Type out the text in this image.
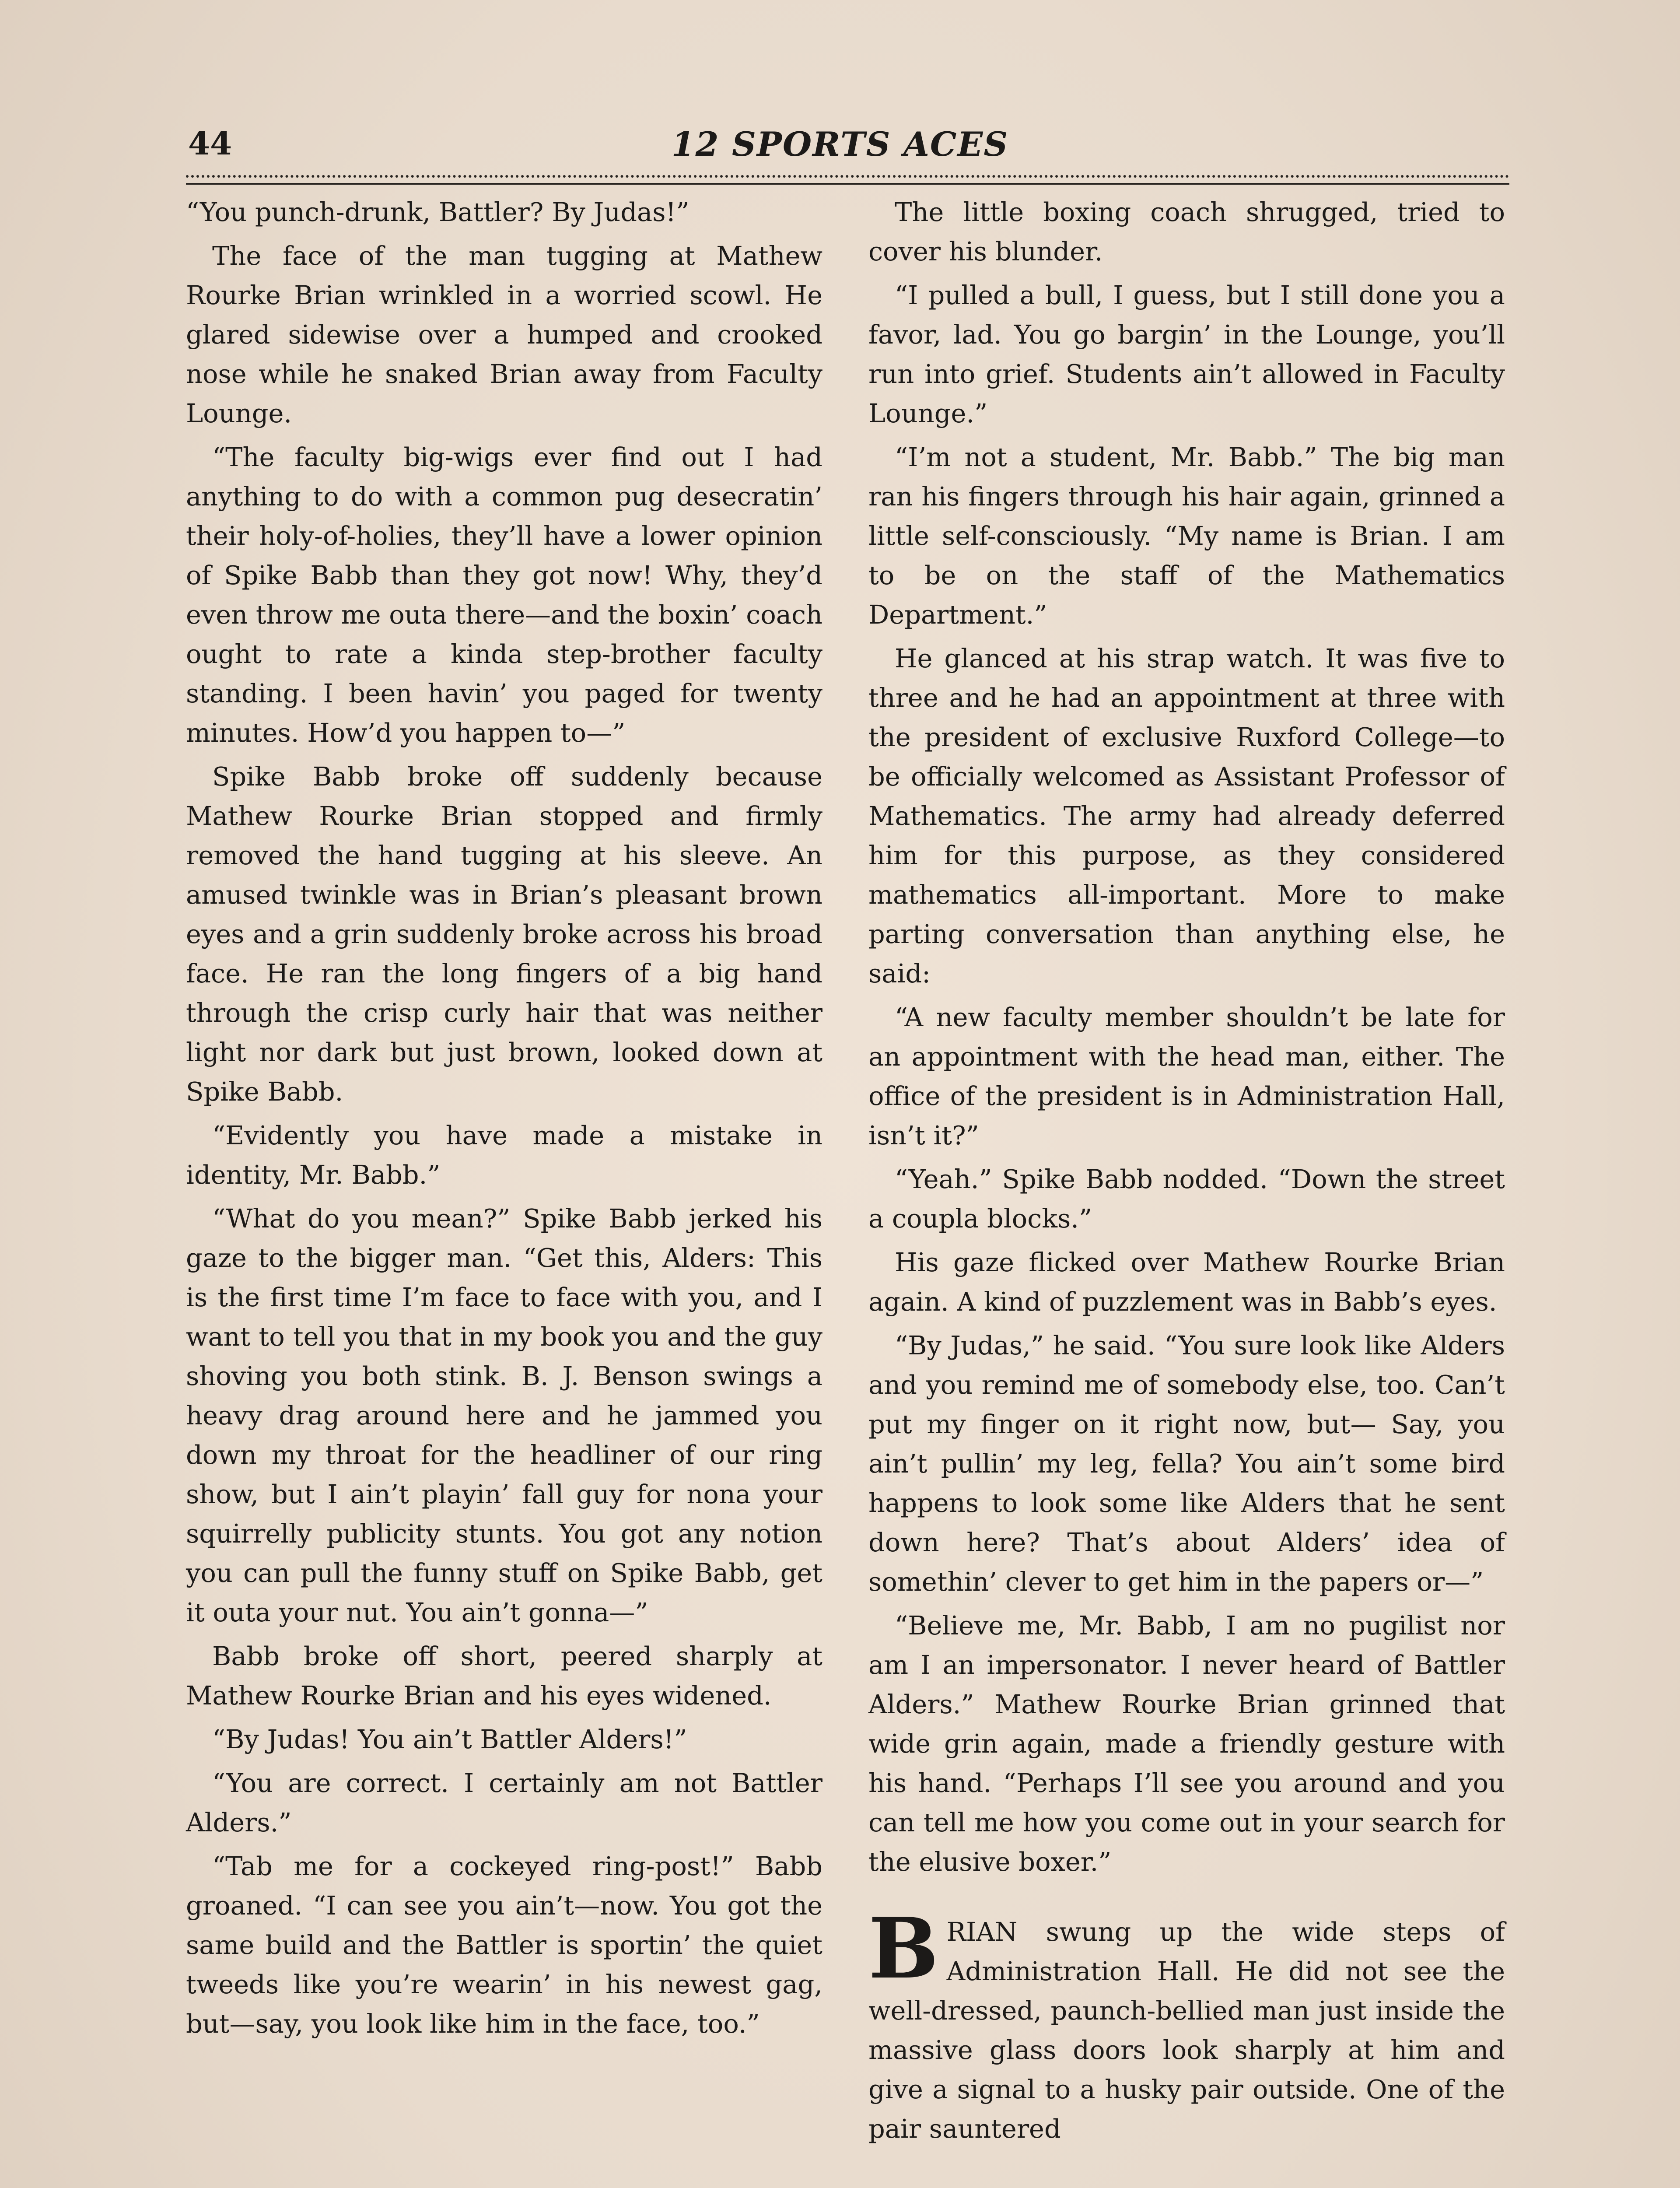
44	12 SPORTS ACES

“You punch-drunk, Battler? By Judas!”

The face of the man tugging at Mathew Rourke Brian wrinkled in a worried scowl. He glared sidewise over a humped and crooked nose while he snaked Brian away from Faculty Lounge.

“The faculty big-wigs ever find out I had anything to do with a common pug desecratin’ their holy-of-holies, they’ll have a lower opinion of Spike Babb than they got now! Why, they’d even throw me outa there—and the boxin’ coach ought to rate a kinda step-brother faculty standing. I been havin’ you paged for twenty minutes. How’d you happen to—”

Spike Babb broke off suddenly because Mathew Rourke Brian stopped and firmly removed the hand tugging at his sleeve. An amused twinkle was in Brian’s pleasant brown eyes and a grin suddenly broke across his broad face. He ran the long fingers of a big hand through the crisp curly hair that was neither light nor dark but just brown, looked down at Spike Babb.

“Evidently you have made a mistake in identity, Mr. Babb.”

“What do you mean?” Spike Babb jerked his gaze to the bigger man. “Get this, Alders: This is the first time I’m face to face with you, and I want to tell you that in my book you and the guy shoving you both stink. B. J. Benson swings a heavy drag around here and he jammed you down my throat for the headliner of our ring show, but I ain’t playin’ fall guy for nona your squirrelly publicity stunts. You got any notion you can pull the funny stuff on Spike Babb, get it outa your nut. You ain’t gonna—”

Babb broke off short, peered sharply at Mathew Rourke Brian and his eyes widened.

“By Judas! You ain’t Battler Alders!”

“You are correct. I certainly am not Battler Alders.”

“Tab me for a cockeyed ring-post!” Babb groaned. “I can see you ain’t—now. You got the same build and the Battler is sportin’ the quiet tweeds like you’re wearin’ in his newest gag, but—say, you look like him in the face, too.”

The little boxing coach shrugged, tried to cover his blunder.

“I pulled a bull, I guess, but I still done you a favor, lad. You go bargin’ in the Lounge, you’ll run into grief. Students ain’t allowed in Faculty Lounge.”

“I’m not a student, Mr. Babb.” The big man ran his fingers through his hair again, grinned a little self-consciously. “My name is Brian. I am to be on the staff of the Mathematics Department.”

He glanced at his strap watch. It was five to three and he had an appointment at three with the president of exclusive Ruxford College—to be officially welcomed as Assistant Professor of Mathematics. The army had already deferred him for this purpose, as they considered mathematics all-important. More to make parting conversation than anything else, he said:

“A new faculty member shouldn’t be late for an appointment with the head man, either. The office of the president is in Administration Hall, isn’t it?”

“Yeah.” Spike Babb nodded. “Down the street a coupla blocks.”

His gaze flicked over Mathew Rourke Brian again. A kind of puzzlement was in Babb’s eyes.

“By Judas,” he said. “You sure look like Alders and you remind me of somebody else, too. Can’t put my finger on it right now, but— Say, you ain’t pullin’ my leg, fella? You ain’t some bird happens to look some like Alders that he sent down here? That’s about Alders’ idea of somethin’ clever to get him in the papers or—”

“Believe me, Mr. Babb, I am no pugilist nor am I an impersonator. I never heard of Battler Alders.” Mathew Rourke Brian grinned that wide grin again, made a friendly gesture with his hand. “Perhaps I’ll see you around and you can tell me how you come out in your search for the elusive boxer.”

BRIAN swung up the wide steps of Administration Hall. He did not see the well-dressed, paunch-bellied man just inside the massive glass doors look sharply at him and give a signal to a husky pair outside. One of the pair sauntered
